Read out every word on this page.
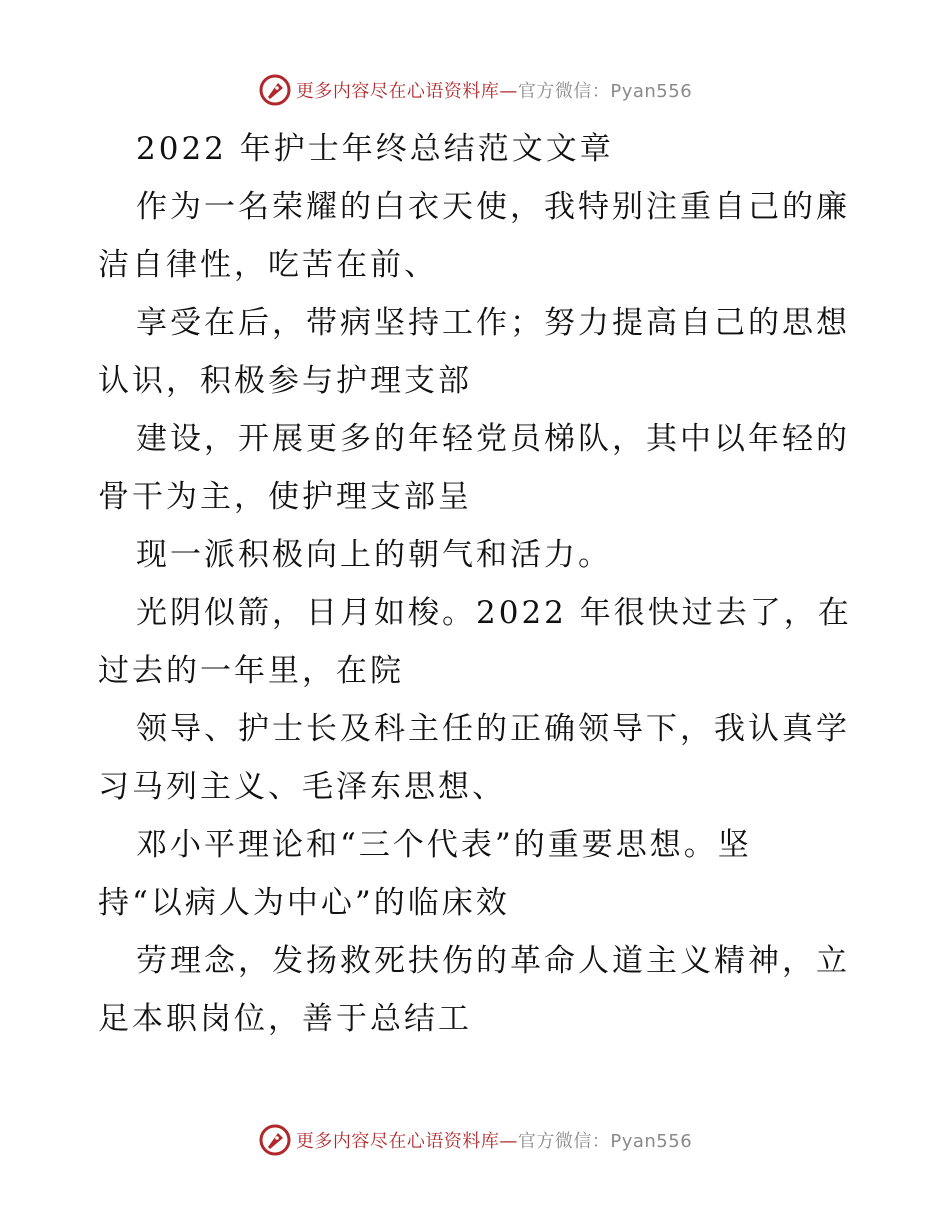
更多内容尽在心语资料库—官方微信：Pyan556
2022 年护士年终总结范文文章
作为一名荣耀的白衣天使，我特别注重自己的廉
洁自律性，吃苦在前、
享受在后，带病坚持工作；努力提高自己的思想
认识，积极参与护理支部
建设，开展更多的年轻党员梯队，其中以年轻的
骨干为主，使护理支部呈
现一派积极向上的朝气和活力。
光阴似箭，日月如梭。2022 年很快过去了，在
过去的一年里，在院
领导、护士长及科主任的正确领导下，我认真学
习马列主义、毛泽东思想、
邓小平理论和“三个代表”的重要思想。坚
持“以病人为中心”的临床效
劳理念，发扬救死扶伤的革命人道主义精神，立
足本职岗位，善于总结工
更多内容尽在心语资料库—官方微信：Pyan556
